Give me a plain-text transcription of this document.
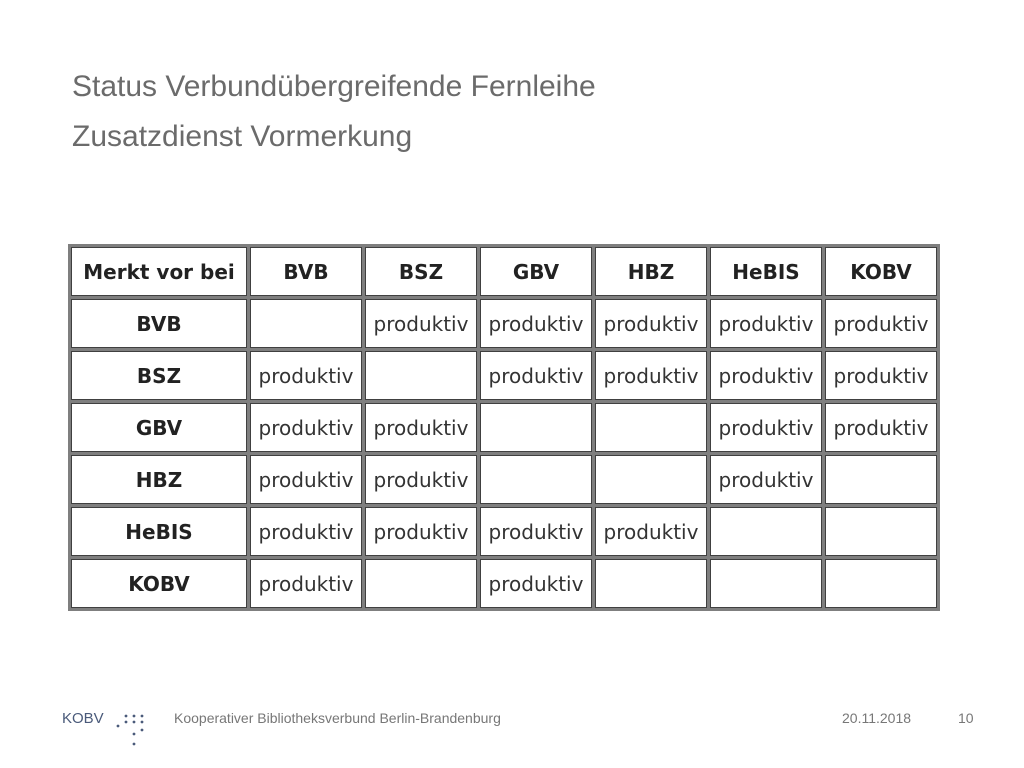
Status Verbundübergreifende Fernleihe
Zusatzdienst Vormerkung
Merkt vor bei	BVB	BSZ	GBV	HBZ	HeBIS	KOBV
BVB		produktiv	produktiv	produktiv	produktiv	produktiv
BSZ	produktiv		produktiv	produktiv	produktiv	produktiv
GBV	produktiv	produktiv			produktiv	produktiv
HBZ	produktiv	produktiv			produktiv	
HeBIS	produktiv	produktiv	produktiv	produktiv		
KOBV	produktiv		produktiv			
KOBV	Kooperativer Bibliotheksverbund Berlin-Brandenburg	20.11.2018	10
